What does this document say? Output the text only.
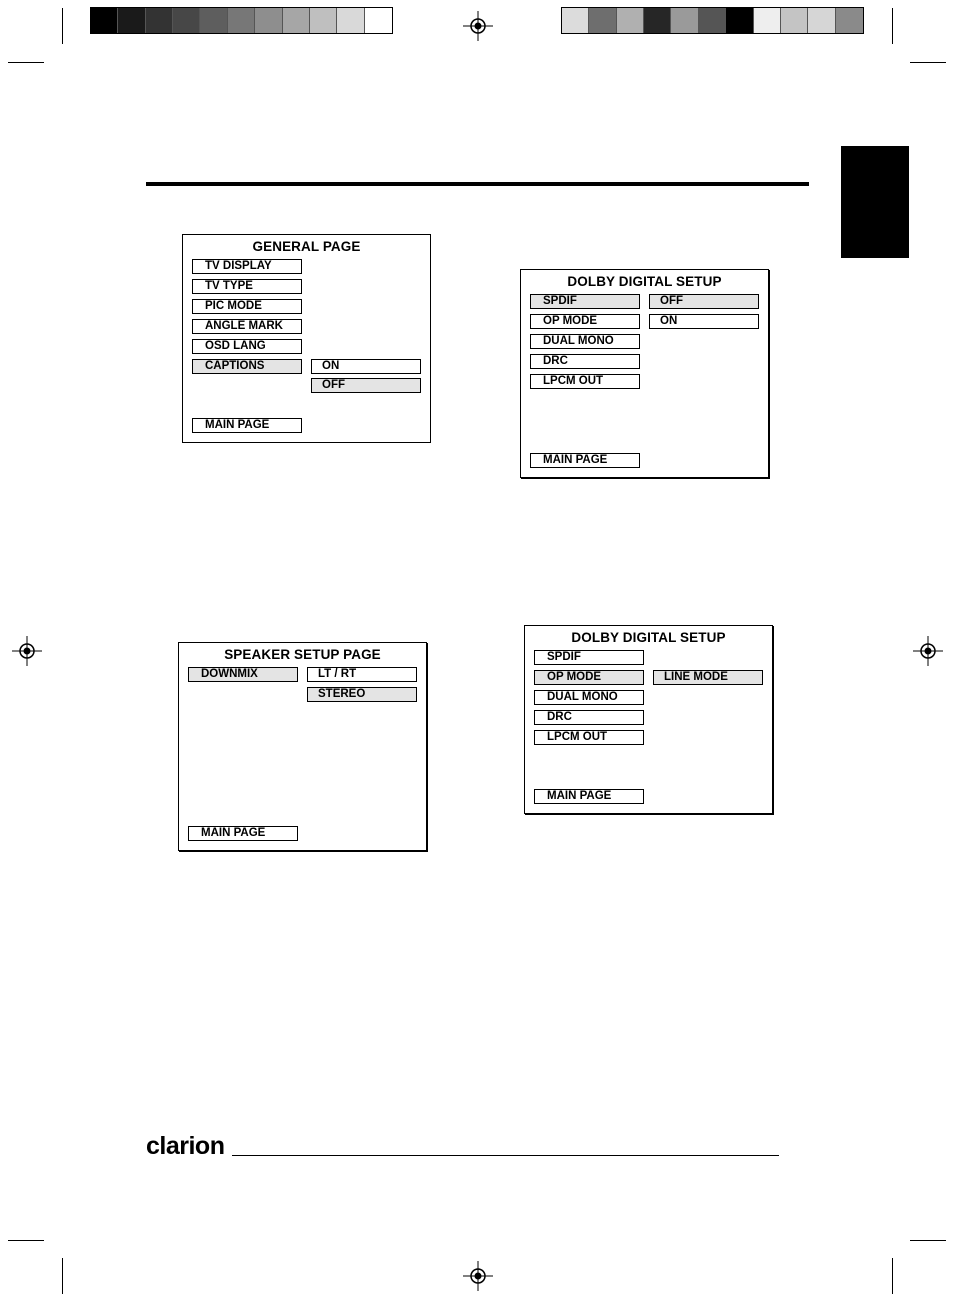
GENERAL PAGE
TV DISPLAY
TV TYPE
PIC MODE
ANGLE MARK
OSD LANG
CAPTIONS	ON
OFF
MAIN PAGE
DOLBY DIGITAL SETUP
SPDIF
OP MODE
DUAL MONO
DRC
LPCM OUT
OFF
ON
MAIN PAGE
SPEAKER SETUP PAGE
DOWNMIX	LT / RT
STEREO
MAIN PAGE
DOLBY DIGITAL SETUP
SPDIF
OP MODE
DUAL MONO
DRC
LPCM OUT
LINE MODE
MAIN PAGE
clarion
